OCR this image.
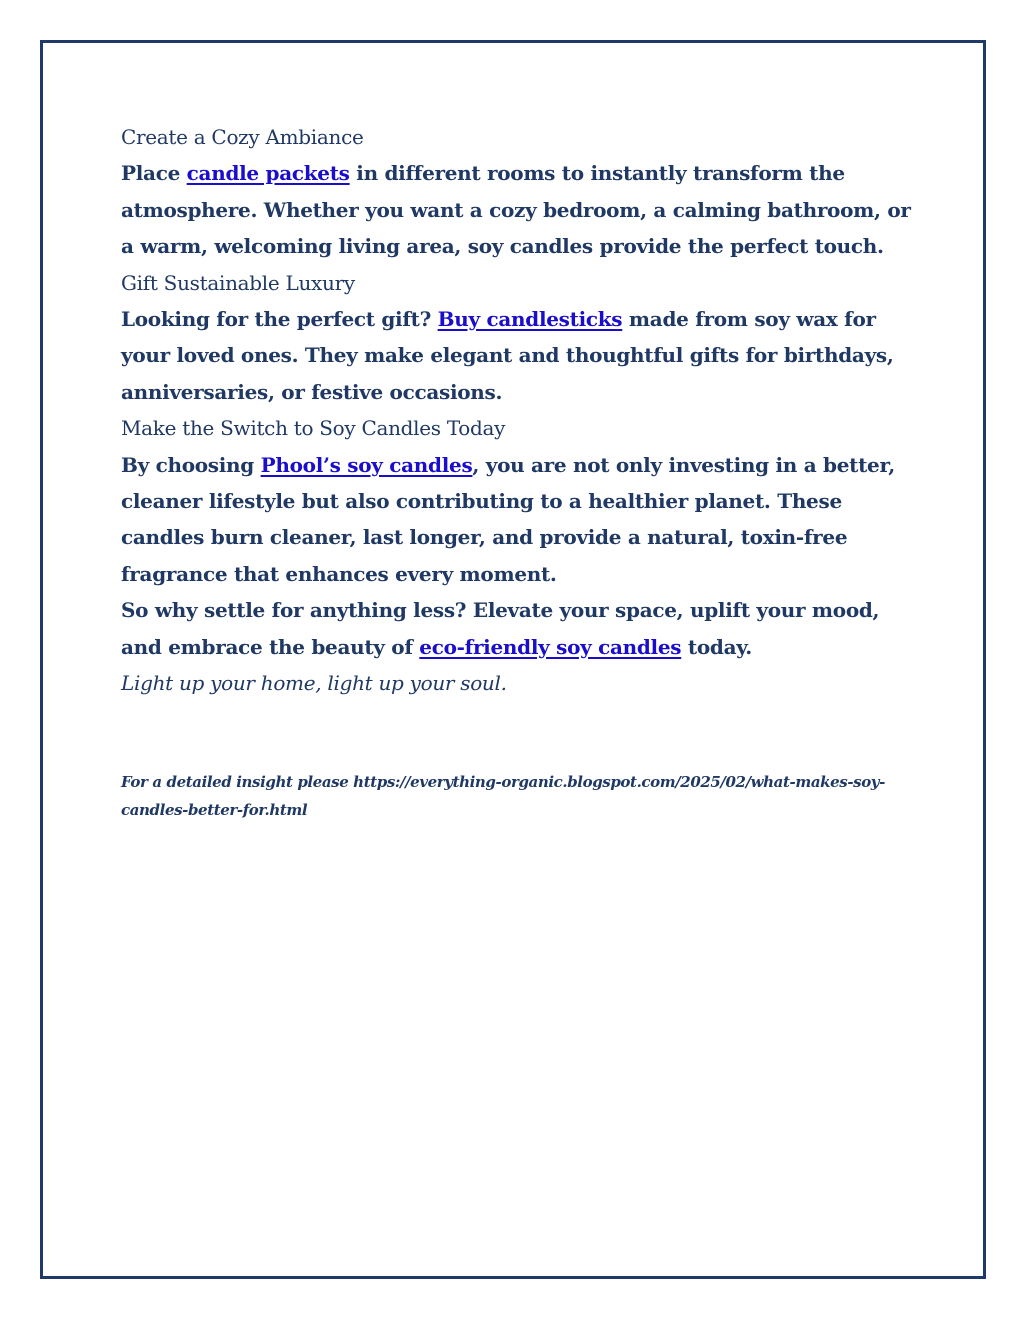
Create a Cozy Ambiance
Place candle packets in different rooms to instantly transform the atmosphere. Whether you want a cozy bedroom, a calming bathroom, or a warm, welcoming living area, soy candles provide the perfect touch.
Gift Sustainable Luxury
Looking for the perfect gift? Buy candlesticks made from soy wax for your loved ones. They make elegant and thoughtful gifts for birthdays, anniversaries, or festive occasions.
Make the Switch to Soy Candles Today
By choosing Phool’s soy candles, you are not only investing in a better, cleaner lifestyle but also contributing to a healthier planet. These candles burn cleaner, last longer, and provide a natural, toxin-free fragrance that enhances every moment.
So why settle for anything less? Elevate your space, uplift your mood, and embrace the beauty of eco-friendly soy candles today.
Light up your home, light up your soul.
For a detailed insight please https://everything-organic.blogspot.com/2025/02/what-makes-soy-candles-better-for.html
